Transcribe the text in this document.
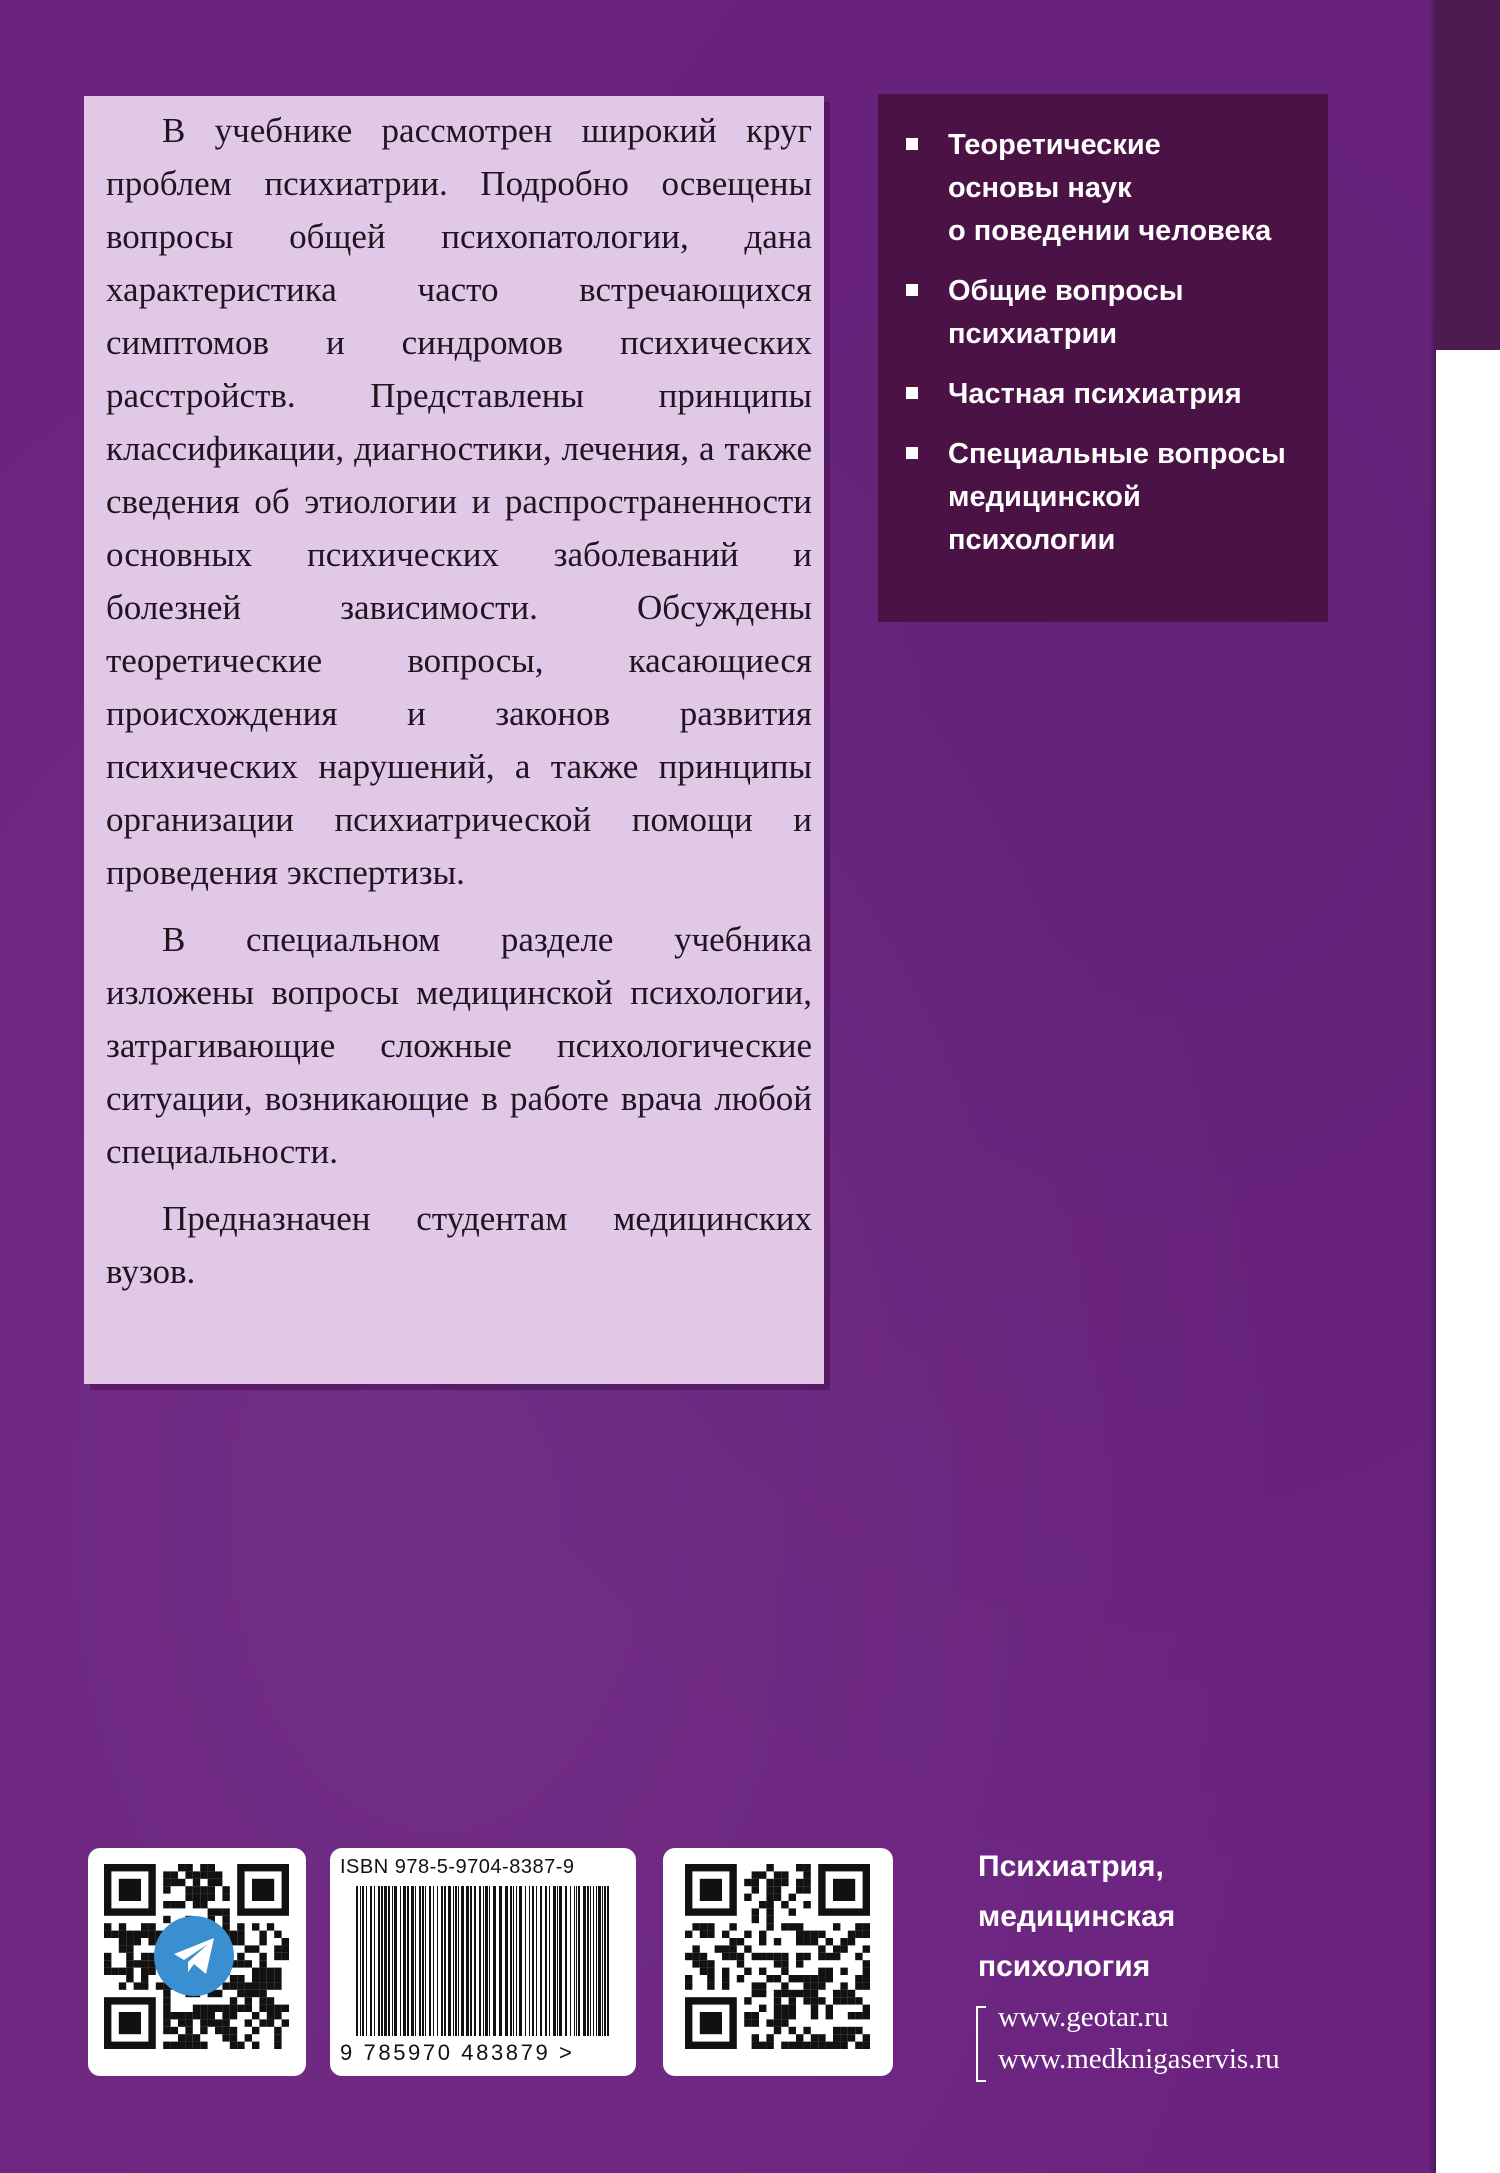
В учебнике рассмотрен широкий круг проблем психиатрии. Подробно освещены вопросы общей психопатологии, дана характеристика часто встречающихся симптомов и синдромов психических расстройств. Представлены принципы классификации, диагностики, лечения, а также сведения об этиологии и распространенности основных психических заболеваний и болезней зависимости. Обсуждены теоретические вопросы, касающиеся происхождения и законов развития психических нарушений, а также принципы организации психиатрической помощи и проведения экспертизы.

В специальном разделе учебника изложены вопросы медицинской психологии, затрагивающие сложные психологические ситуации, возникающие в работе врача любой специальности.

Предназначен студентам медицинских вузов.

Теоретические
основы наук
о поведении человека
Общие вопросы
психиатрии
Частная психиатрия
Специальные вопросы
медицинской
психологии
ISBN 978-5-9704-8387-9
9 785970 483879 >
Психиатрия, медицинская психология
www.geotar.ru
www.medknigaservis.ru
